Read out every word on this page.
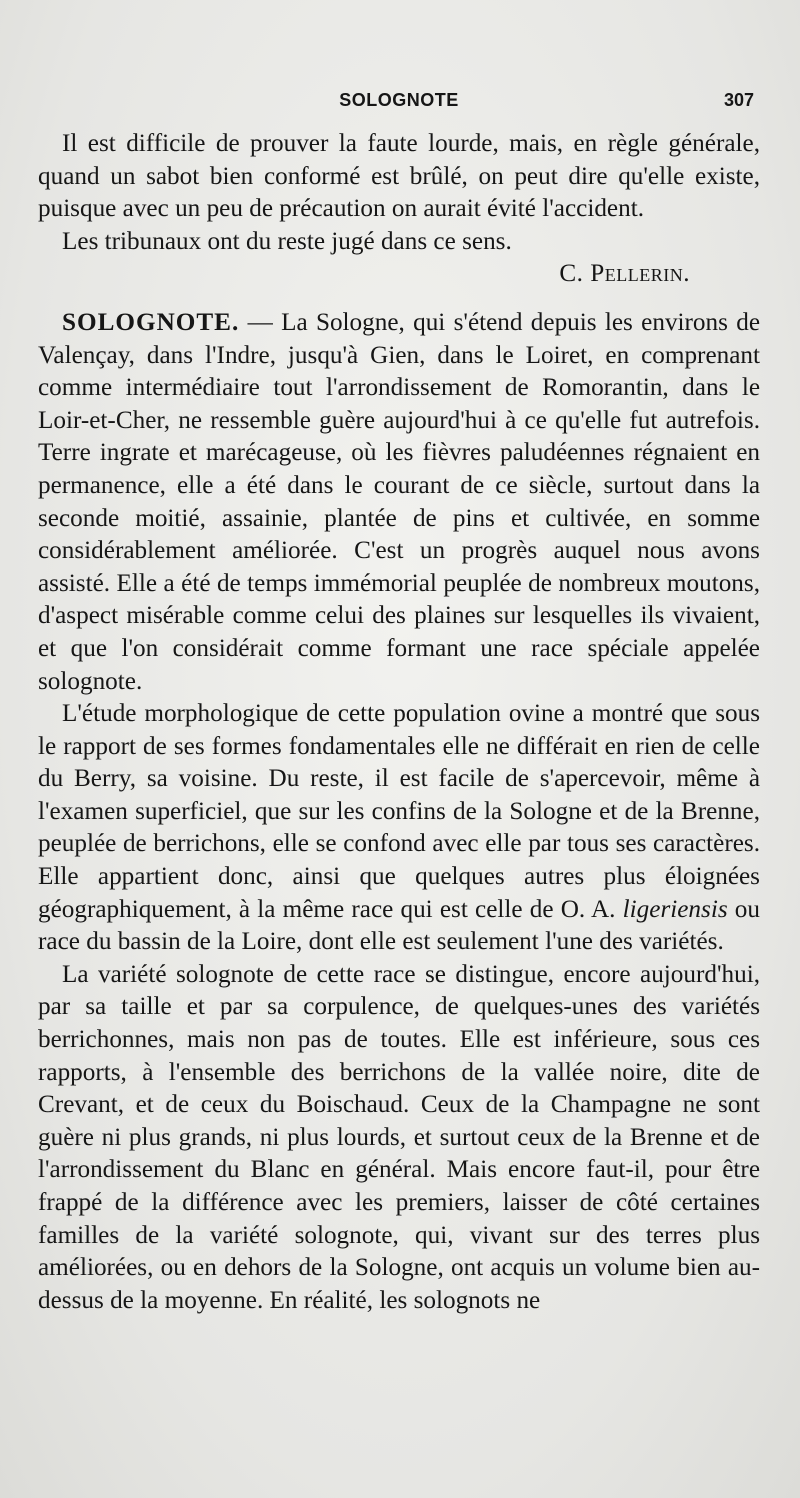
SOLOGNOTE	307

Il est difficile de prouver la faute lourde, mais, en règle générale, quand un sabot bien conformé est brûlé, on peut dire qu'elle existe, puisque avec un peu de précaution on aurait évité l'accident.

Les tribunaux ont du reste jugé dans ce sens.

C. Pellerin.

SOLOGNOTE. — La Sologne, qui s'étend depuis les environs de Valençay, dans l'Indre, jusqu'à Gien, dans le Loiret, en comprenant comme intermédiaire tout l'arrondissement de Romorantin, dans le Loir-et-Cher, ne ressemble guère aujourd'hui à ce qu'elle fut autrefois. Terre ingrate et marécageuse, où les fièvres paludéennes régnaient en permanence, elle a été dans le courant de ce siècle, surtout dans la seconde moitié, assainie, plantée de pins et cultivée, en somme considérablement améliorée. C'est un progrès auquel nous avons assisté. Elle a été de temps immémorial peuplée de nombreux moutons, d'aspect misérable comme celui des plaines sur lesquelles ils vivaient, et que l'on considérait comme formant une race spéciale appelée solognote.

L'étude morphologique de cette population ovine a montré que sous le rapport de ses formes fondamentales elle ne différait en rien de celle du Berry, sa voisine. Du reste, il est facile de s'apercevoir, même à l'examen superficiel, que sur les confins de la Sologne et de la Brenne, peuplée de berrichons, elle se confond avec elle par tous ses caractères. Elle appartient donc, ainsi que quelques autres plus éloignées géographiquement, à la même race qui est celle de O. A. ligeriensis ou race du bassin de la Loire, dont elle est seulement l'une des variétés.

La variété solognote de cette race se distingue, encore aujourd'hui, par sa taille et par sa corpulence, de quelques-unes des variétés berrichonnes, mais non pas de toutes. Elle est inférieure, sous ces rapports, à l'ensemble des berrichons de la vallée noire, dite de Crevant, et de ceux du Boischaud. Ceux de la Champagne ne sont guère ni plus grands, ni plus lourds, et surtout ceux de la Brenne et de l'arrondissement du Blanc en général. Mais encore faut-il, pour être frappé de la différence avec les premiers, laisser de côté certaines familles de la variété solognote, qui, vivant sur des terres plus améliorées, ou en dehors de la Sologne, ont acquis un volume bien au-dessus de la moyenne. En réalité, les solognots ne
